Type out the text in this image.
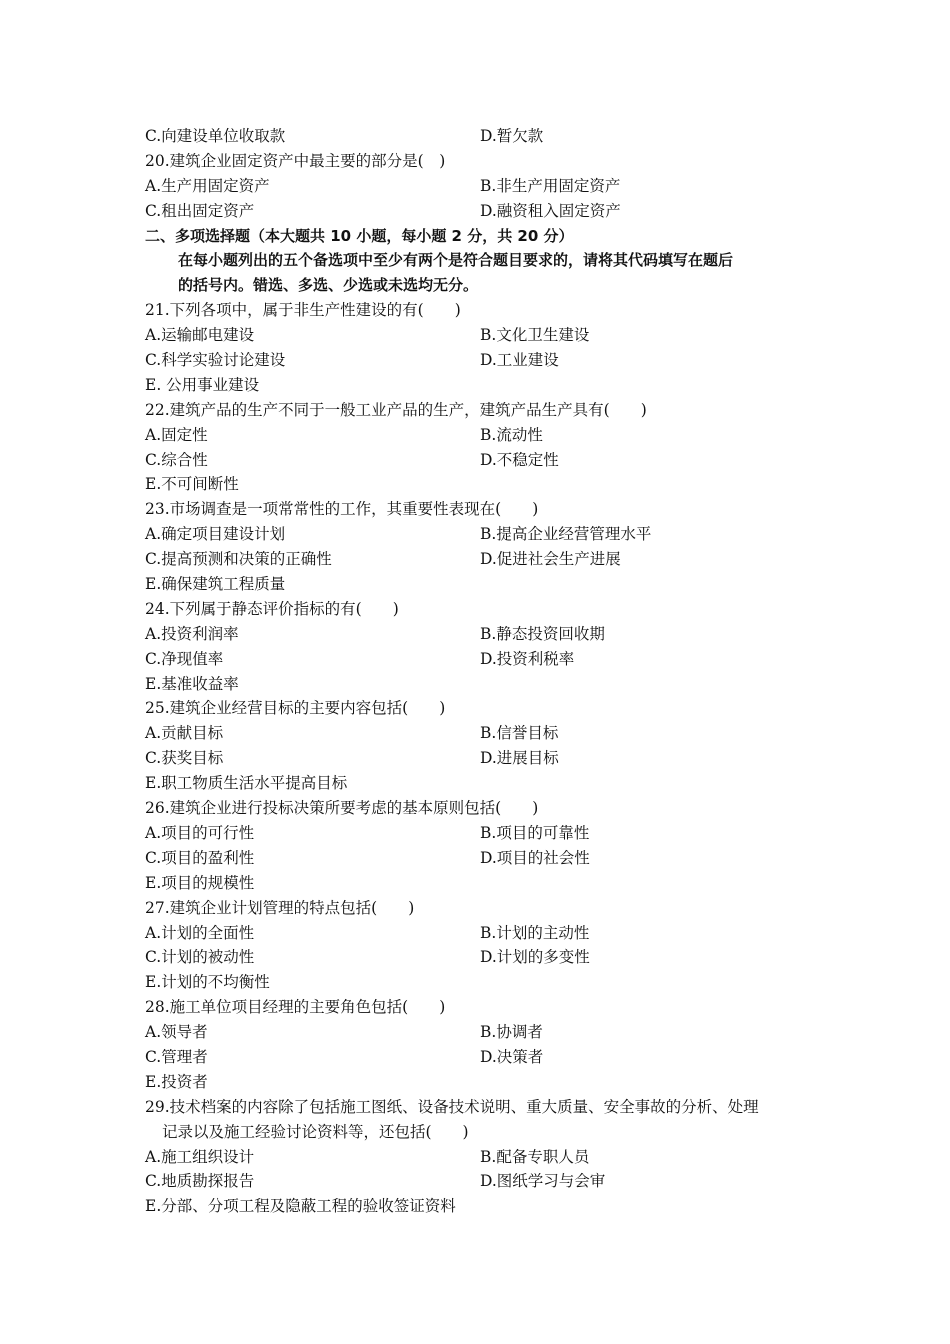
C.向建设单位收取款	D.暂欠款
20.建筑企业固定资产中最主要的部分是(　)
A.生产用固定资产	B.非生产用固定资产
C.租出固定资产	D.融资租入固定资产
二、多项选择题（本大题共 10 小题，每小题 2 分，共 20 分）
在每小题列出的五个备选项中至少有两个是符合题目要求的，请将其代码填写在题后
的括号内。错选、多选、少选或未选均无分。
21.下列各项中，属于非生产性建设的有(　　)
A.运输邮电建设	B.文化卫生建设
C.科学实验讨论建设	D.工业建设
E. 公用事业建设
22.建筑产品的生产不同于一般工业产品的生产，建筑产品生产具有(　　)
A.固定性	B.流动性
C.综合性	D.不稳定性
E.不可间断性
23.市场调查是一项常常性的工作，其重要性表现在(　　)
A.确定项目建设计划	B.提高企业经营管理水平
C.提高预测和决策的正确性	D.促进社会生产进展
E.确保建筑工程质量
24.下列属于静态评价指标的有(　　)
A.投资利润率	B.静态投资回收期
C.净现值率	D.投资利税率
E.基准收益率
25.建筑企业经营目标的主要内容包括(　　)
A.贡献目标	B.信誉目标
C.获奖目标	D.进展目标
E.职工物质生活水平提高目标
26.建筑企业进行投标决策所要考虑的基本原则包括(　　)
A.项目的可行性	B.项目的可靠性
C.项目的盈利性	D.项目的社会性
E.项目的规模性
27.建筑企业计划管理的特点包括(　　)
A.计划的全面性	B.计划的主动性
C.计划的被动性	D.计划的多变性
E.计划的不均衡性
28.施工单位项目经理的主要角色包括(　　)
A.领导者	B.协调者
C.管理者	D.决策者
E.投资者
29.技术档案的内容除了包括施工图纸、设备技术说明、重大质量、安全事故的分析、处理
记录以及施工经验讨论资料等，还包括(　　)
A.施工组织设计	B.配备专职人员
C.地质勘探报告	D.图纸学习与会审
E.分部、分项工程及隐蔽工程的验收签证资料
